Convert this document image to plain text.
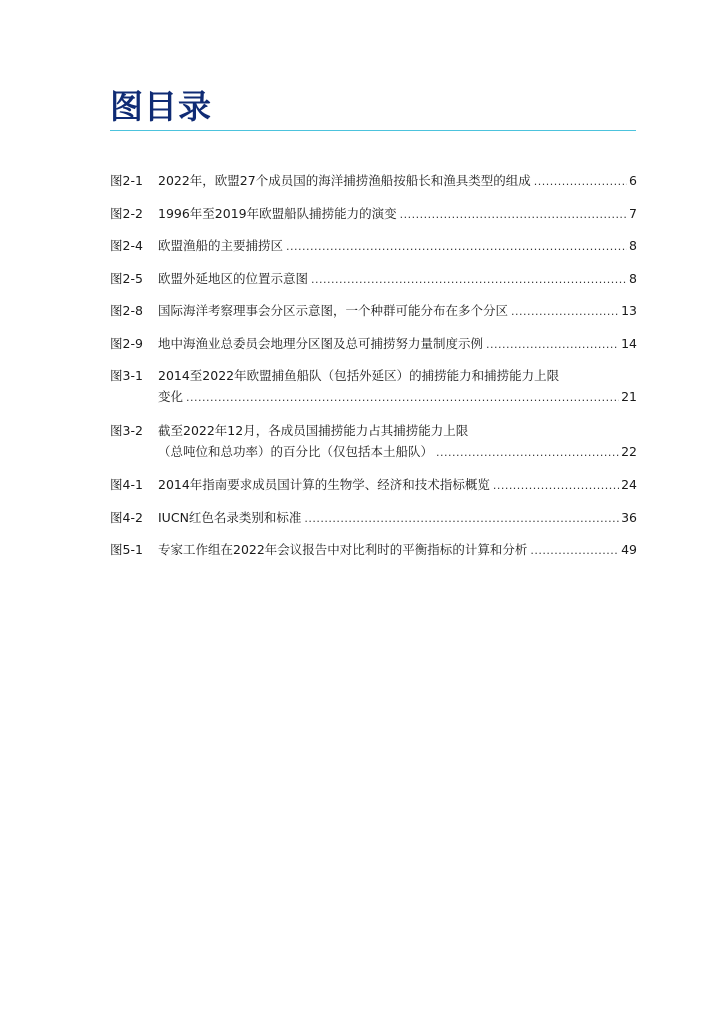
图目录
图2-1	2022年，欧盟27个成员国的海洋捕捞渔船按船长和渔具类型的组成 .....	6
图2-2	1996年至2019年欧盟船队捕捞能力的演变 .....	7
图2-4	欧盟渔船的主要捕捞区 .....	8
图2-5	欧盟外延地区的位置示意图 .....	8
图2-8	国际海洋考察理事会分区示意图，一个种群可能分布在多个分区 .....	13
图2-9	地中海渔业总委员会地理分区图及总可捕捞努力量制度示例 .....	14
图3-1	2014至2022年欧盟捕鱼船队（包括外延区）的捕捞能力和捕捞能力上限
变化 .....	21
图3-2	截至2022年12月，各成员国捕捞能力占其捕捞能力上限
（总吨位和总功率）的百分比（仅包括本土船队） .....	22
图4-1	2014年指南要求成员国计算的生物学、经济和技术指标概览 .....	24
图4-2	IUCN红色名录类别和标准 .....	36
图5-1	专家工作组在2022年会议报告中对比利时的平衡指标的计算和分析 .....	49
